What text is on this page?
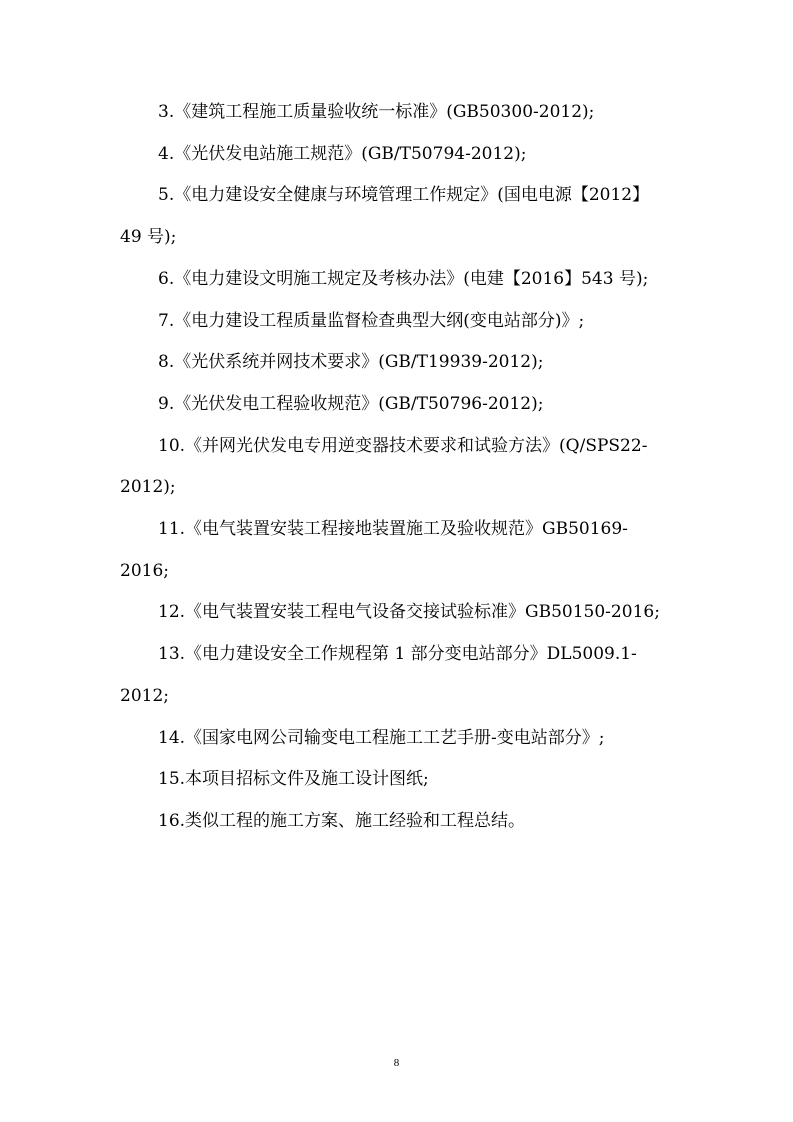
3.《建筑工程施工质量验收统一标准》(GB50300-2012);
4.《光伏发电站施工规范》(GB/T50794-2012);
5.《电力建设安全健康与环境管理工作规定》(国电电源【2012】
49 号);
6.《电力建设文明施工规定及考核办法》(电建【2016】543 号);
7.《电力建设工程质量监督检查典型大纲(变电站部分)》;
8.《光伏系统并网技术要求》(GB/T19939-2012);
9.《光伏发电工程验收规范》(GB/T50796-2012);
10.《并网光伏发电专用逆变器技术要求和试验方法》(Q/SPS22-
2012);
11.《电气装置安装工程接地装置施工及验收规范》GB50169-
2016;
12.《电气装置安装工程电气设备交接试验标准》GB50150-2016;
13.《电力建设安全工作规程第 1 部分变电站部分》DL5009.1-
2012;
14.《国家电网公司输变电工程施工工艺手册-变电站部分》;
15.本项目招标文件及施工设计图纸;
16.类似工程的施工方案、施工经验和工程总结。
8
